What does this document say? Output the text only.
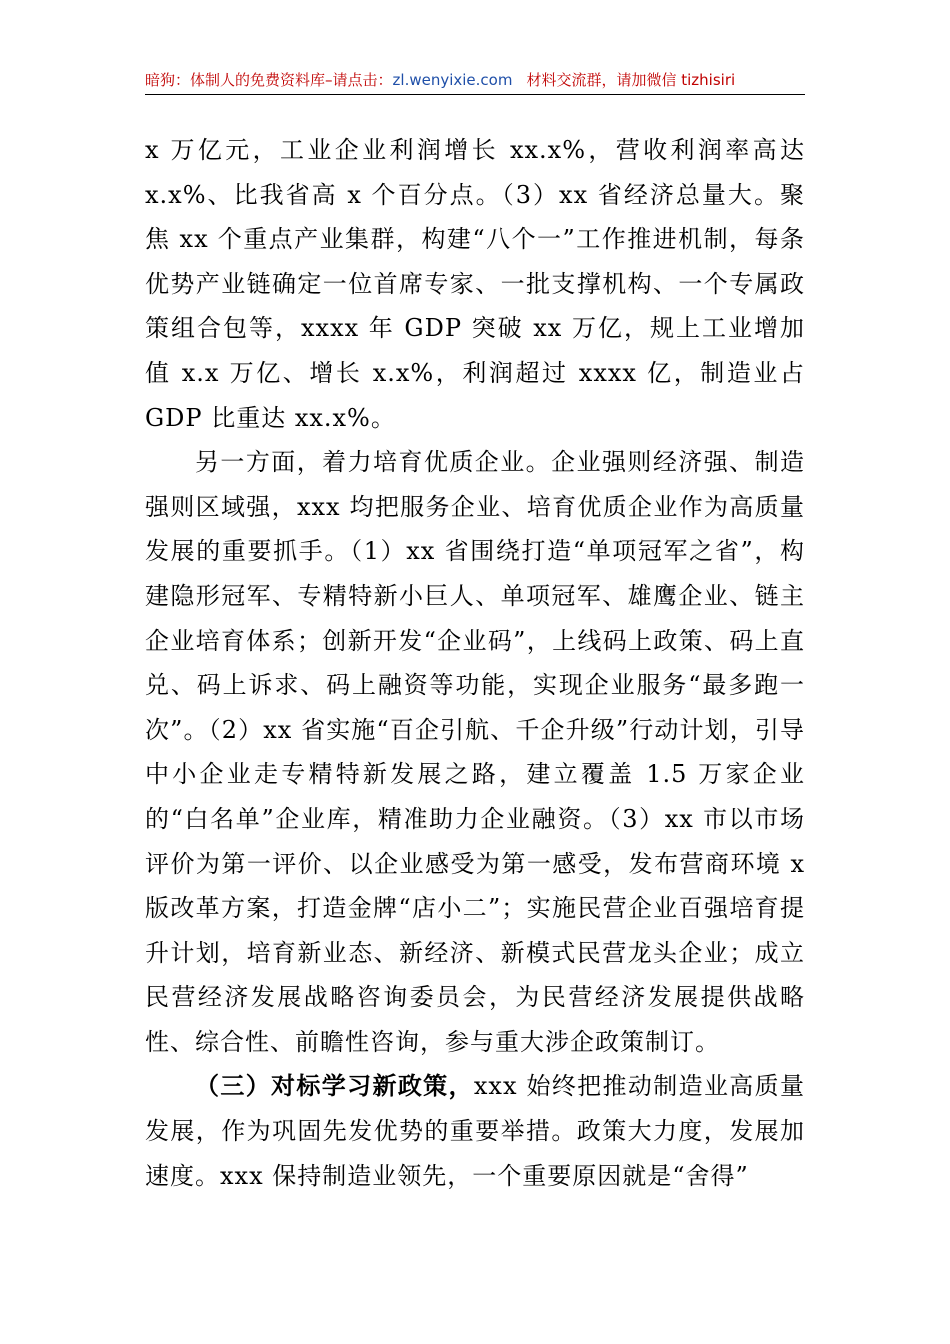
暗狗：体制人的免费资料库–请点击：zl.wenyixie.com 材料交流群，请加微信 tizhisiri

x 万亿元，工业企业利润增长 xx.x%，营收利润率高达 x.x%、比我省高 x 个百分点。（3）xx 省经济总量大。聚焦 xx 个重点产业集群，构建“八个一”工作推进机制，每条优势产业链确定一位首席专家、一批支撑机构、一个专属政策组合包等，xxxx 年 GDP 突破 xx 万亿，规上工业增加值 x.x 万亿、增长 x.x%，利润超过 xxxx 亿，制造业占 GDP 比重达 xx.x%。

另一方面，着力培育优质企业。企业强则经济强、制造强则区域强，xxx 均把服务企业、培育优质企业作为高质量发展的重要抓手。（1）xx 省围绕打造“单项冠军之省”，构建隐形冠军、专精特新小巨人、单项冠军、雄鹰企业、链主企业培育体系；创新开发“企业码”，上线码上政策、码上直兑、码上诉求、码上融资等功能，实现企业服务“最多跑一次”。（2）xx 省实施“百企引航、千企升级”行动计划，引导中小企业走专精特新发展之路，建立覆盖 1.5 万家企业的“白名单”企业库，精准助力企业融资。（3）xx 市以市场评价为第一评价、以企业感受为第一感受，发布营商环境 x 版改革方案，打造金牌“店小二”；实施民营企业百强培育提升计划，培育新业态、新经济、新模式民营龙头企业；成立民营经济发展战略咨询委员会，为民营经济发展提供战略性、综合性、前瞻性咨询，参与重大涉企政策制订。

（三）对标学习新政策，xxx 始终把推动制造业高质量发展，作为巩固先发优势的重要举措。政策大力度，发展加速度。xxx 保持制造业领先，一个重要原因就是“舍得”
